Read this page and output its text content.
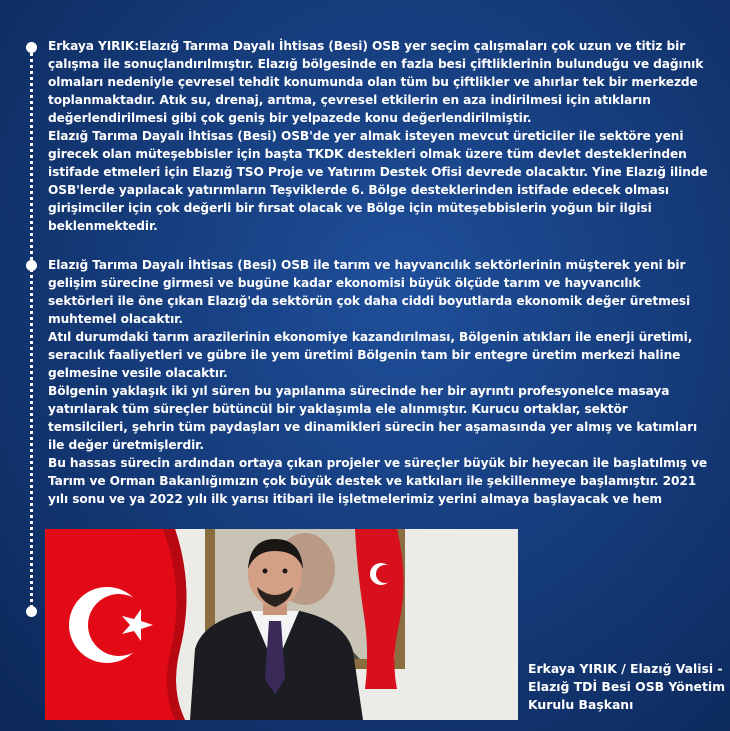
Erkaya YIRIK:Elazığ Tarıma Dayalı İhtisas (Besi) OSB yer seçim çalışmaları çok uzun ve titiz bir çalışma ile sonuçlandırılmıştır. Elazığ bölgesinde en fazla besi çiftliklerinin bulunduğu ve dağınık olmaları nedeniyle çevresel tehdit konumunda olan tüm bu çiftlikler ve ahırlar tek bir merkezde toplanmaktadır. Atık su, drenaj, arıtma, çevresel etkilerin en aza indirilmesi için atıkların değerlendirilmesi gibi çok geniş bir yelpazede konu değerlendirilmiştir.

Elazığ Tarıma Dayalı İhtisas (Besi) OSB'de yer almak isteyen mevcut üreticiler ile sektöre yeni girecek olan müteşebbisler için başta TKDK destekleri olmak üzere tüm devlet desteklerinden istifade etmeleri için Elazığ TSO Proje ve Yatırım Destek Ofisi devrede olacaktır. Yine Elazığ ilinde OSB'lerde yapılacak yatırımların Teşviklerde 6. Bölge desteklerinden istifade edecek olması girişimciler için çok değerli bir fırsat olacak ve Bölge için müteşebbislerin yoğun bir ilgisi beklenmektedir.

Elazığ Tarıma Dayalı İhtisas (Besi) OSB ile tarım ve hayvancılık sektörlerinin müşterek yeni bir gelişim sürecine girmesi ve bugüne kadar ekonomisi büyük ölçüde tarım ve hayvancılık sektörleri ile öne çıkan Elazığ'da sektörün çok daha ciddi boyutlarda ekonomik değer üretmesi muhtemel olacaktır.

Atıl durumdaki tarım arazilerinin ekonomiye kazandırılması, Bölgenin atıkları ile enerji üretimi, seracılık faaliyetleri ve gübre ile yem üretimi Bölgenin tam bir entegre üretim merkezi haline gelmesine vesile olacaktır.

Bölgenin yaklaşık iki yıl süren bu yapılanma sürecinde her bir ayrıntı profesyonelce masaya yatırılarak tüm süreçler bütüncül bir yaklaşımla ele alınmıştır. Kurucu ortaklar, sektör temsilcileri, şehrin tüm paydaşları ve dinamikleri sürecin her aşamasında yer almış ve katımları ile değer üretmişlerdir.

Bu hassas sürecin ardından ortaya çıkan projeler ve süreçler büyük bir heyecan ile başlatılmış ve Tarım ve Orman Bakanlığımızın çok büyük destek ve katkıları ile şekillenmeye başlamıştır. 2021 yılı sonu ve ya 2022 yılı ilk yarısı itibari ile işletmelerimiz yerini almaya başlayacak ve hem

Erkaya YIRIK / Elazığ Valisi -
Elazığ TDİ Besi OSB Yönetim
Kurulu Başkanı
